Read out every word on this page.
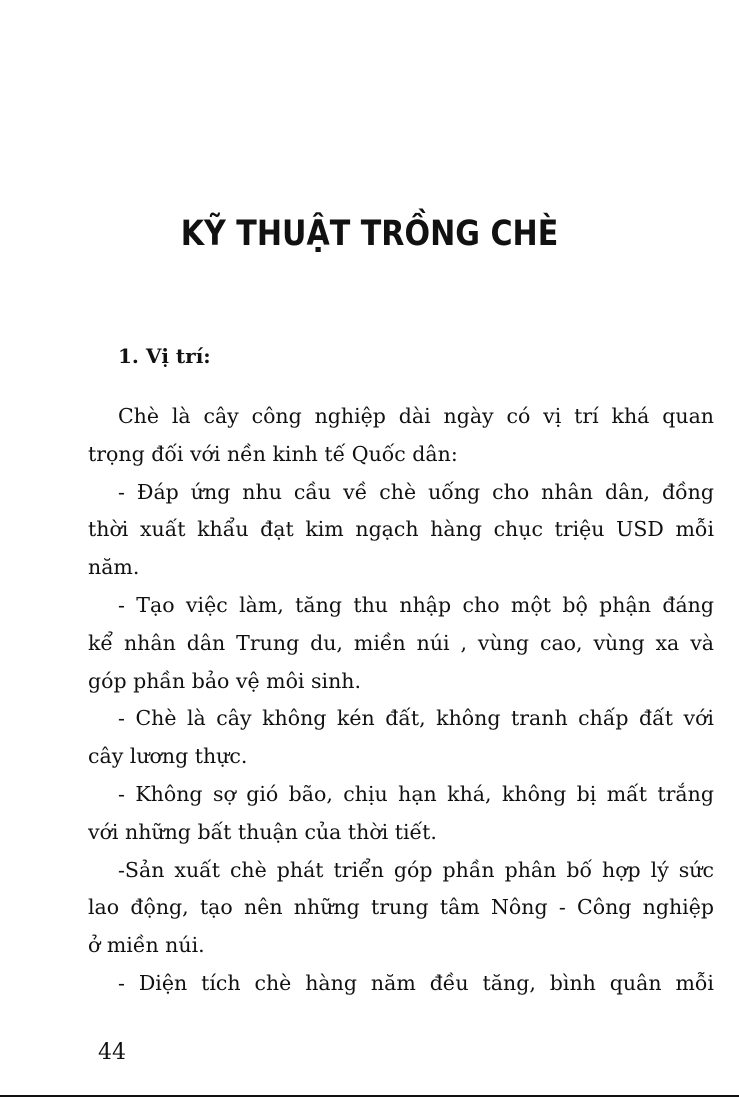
KỸ THUẬT TRỒNG CHÈ
1. Vị trí:
Chè là cây công nghiệp dài ngày có vị trí khá quan
trọng đối với nền kinh tế Quốc dân:
- Đáp ứng nhu cầu về chè uống cho nhân dân, đồng
thời xuất khẩu đạt kim ngạch hàng chục triệu USD mỗi
năm.
- Tạo việc làm, tăng thu nhập cho một bộ phận đáng
kể nhân dân Trung du, miền núi , vùng cao, vùng xa và
góp phần bảo vệ môi sinh.
- Chè là cây không kén đất, không tranh chấp đất với
cây lương thực.
- Không sợ gió bão, chịu hạn khá, không bị mất trắng
với những bất thuận của thời tiết.
-Sản xuất chè phát triển góp phần phân bố hợp lý sức
lao động, tạo nên những trung tâm Nông - Công nghiệp
ở miền núi.
- Diện tích chè hàng năm đều tăng, bình quân mỗi
44
